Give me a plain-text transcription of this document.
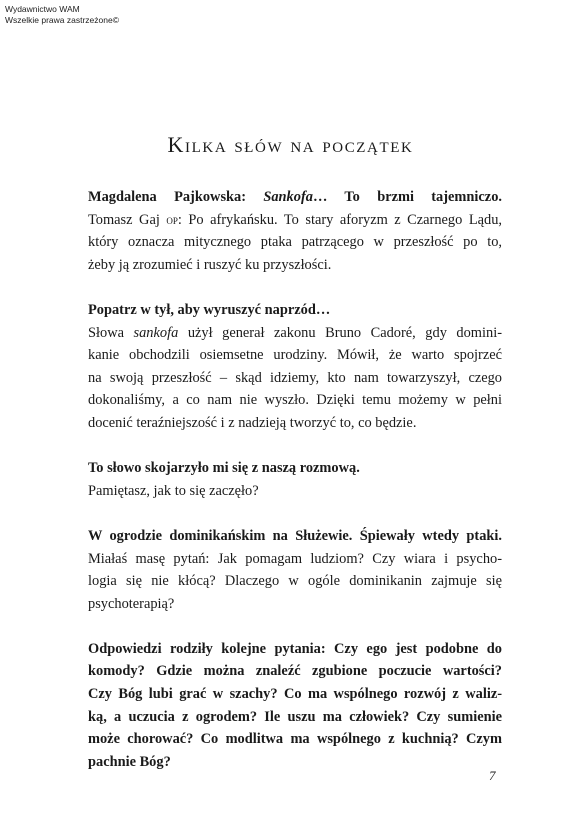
Wydawnictwo WAM
Wszelkie prawa zastrzeżone©
Kilka słów na początek
Magdalena Pajkowska: Sankofa… To brzmi tajemniczo.
Tomasz Gaj op: Po afrykańsku. To stary aforyzm z Czarnego Lądu,
który oznacza mitycznego ptaka patrzącego w przeszłość po to,
żeby ją zrozumieć i ruszyć ku przyszłości.
Popatrz w tył, aby wyruszyć naprzód…
Słowa sankofa użył generał zakonu Bruno Cadoré, gdy domini-
kanie obchodzili osiemsetne urodziny. Mówił, że warto spojrzeć
na swoją przeszłość – skąd idziemy, kto nam towarzyszył, czego
dokonaliśmy, a co nam nie wyszło. Dzięki temu możemy w pełni
docenić teraźniejszość i z nadzieją tworzyć to, co będzie.
To słowo skojarzyło mi się z naszą rozmową.
Pamiętasz, jak to się zaczęło?
W ogrodzie dominikańskim na Służewie. Śpiewały wtedy ptaki.
Miałaś masę pytań: Jak pomagam ludziom? Czy wiara i psycho-
logia się nie kłócą? Dlaczego w ogóle dominikanin zajmuje się
psychoterapią?
Odpowiedzi rodziły kolejne pytania: Czy ego jest podobne do
komody? Gdzie można znaleźć zgubione poczucie wartości?
Czy Bóg lubi grać w szachy? Co ma wspólnego rozwój z waliz-
ką, a uczucia z ogrodem? Ile uszu ma człowiek? Czy sumienie
może chorować? Co modlitwa ma wspólnego z kuchnią? Czym
pachnie Bóg?
7
